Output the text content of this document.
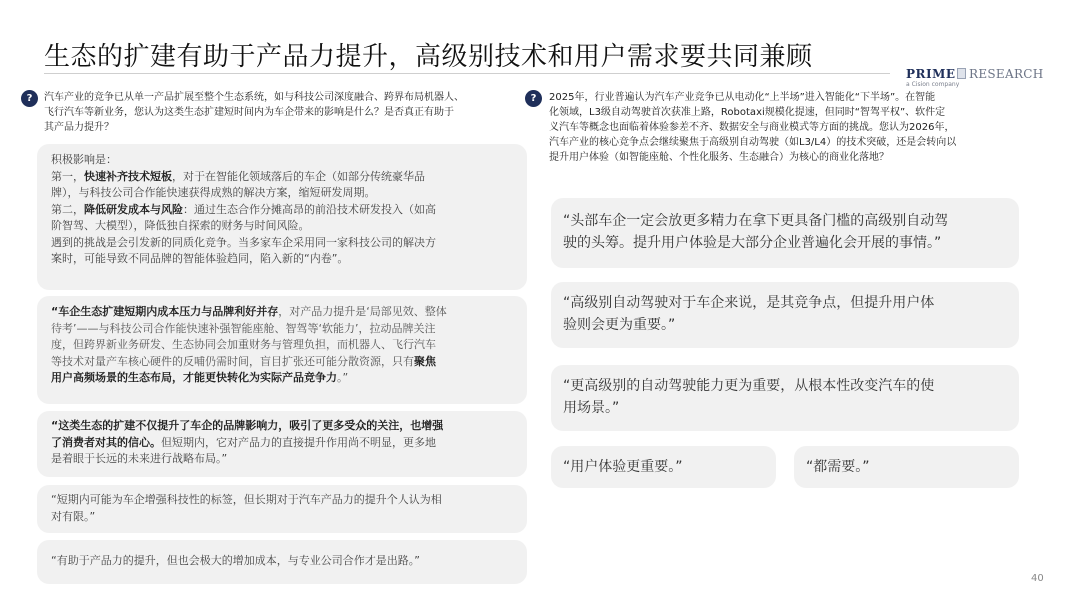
生态的扩建有助于产品力提升，高级别技术和用户需求要共同兼顾
PRIME RESEARCH
a Cision company
?	汽车产业的竞争已从单一产品扩展至整个生态系统，如与科技公司深度融合、跨界布局机器人、

飞行汽车等新业务，您认为这类生态扩建短时间内为车企带来的影响是什么？是否真正有助于

其产品力提升？

积极影响是：

第一，快速补齐技术短板，对于在智能化领域落后的车企（如部分传统豪华品

牌），与科技公司合作能快速获得成熟的解决方案，缩短研发周期。

第二，降低研发成本与风险：通过生态合作分摊高昂的前沿技术研发投入（如高

阶智驾、大模型），降低独自探索的财务与时间风险。

遇到的挑战是会引发新的同质化竞争。当多家车企采用同一家科技公司的解决方

案时，可能导致不同品牌的智能体验趋同，陷入新的“内卷”。

“车企生态扩建短期内成本压力与品牌利好并存，对产品力提升是‘局部见效、整体

待考’——与科技公司合作能快速补强智能座舱、智驾等‘软能力’，拉动品牌关注

度，但跨界新业务研发、生态协同会加重财务与管理负担，而机器人、飞行汽车

等技术对量产车核心硬件的反哺仍需时间，盲目扩张还可能分散资源，只有聚焦

用户高频场景的生态布局，才能更快转化为实际产品竞争力。”

“这类生态的扩建不仅提升了车企的品牌影响力，吸引了更多受众的关注，也增强

了消费者对其的信心。但短期内，它对产品力的直接提升作用尚不明显，更多地

是着眼于长远的未来进行战略布局。”

“短期内可能为车企增强科技性的标签，但长期对于汽车产品力的提升个人认为相

对有限。”

“有助于产品力的提升，但也会极大的增加成本，与专业公司合作才是出路。”

?	2025年，行业普遍认为汽车产业竞争已从电动化“上半场”进入智能化“下半场”。在智能

化领域，L3级自动驾驶首次获准上路，Robotaxi规模化提速，但同时“智驾平权”、软件定

义汽车等概念也面临着体验参差不齐、数据安全与商业模式等方面的挑战。您认为2026年，

汽车产业的核心竞争点会继续聚焦于高级别自动驾驶（如L3/L4）的技术突破，还是会转向以

提升用户体验（如智能座舱、个性化服务、生态融合）为核心的商业化落地？

“头部车企一定会放更多精力在拿下更具备门槛的高级别自动驾

驶的头筹。提升用户体验是大部分企业普遍化会开展的事情。”

“高级别自动驾驶对于车企来说，是其竞争点，但提升用户体

验则会更为重要。”

“更高级别的自动驾驶能力更为重要，从根本性改变汽车的使

用场景。”

“用户体验更重要。”	“都需要。”

40
